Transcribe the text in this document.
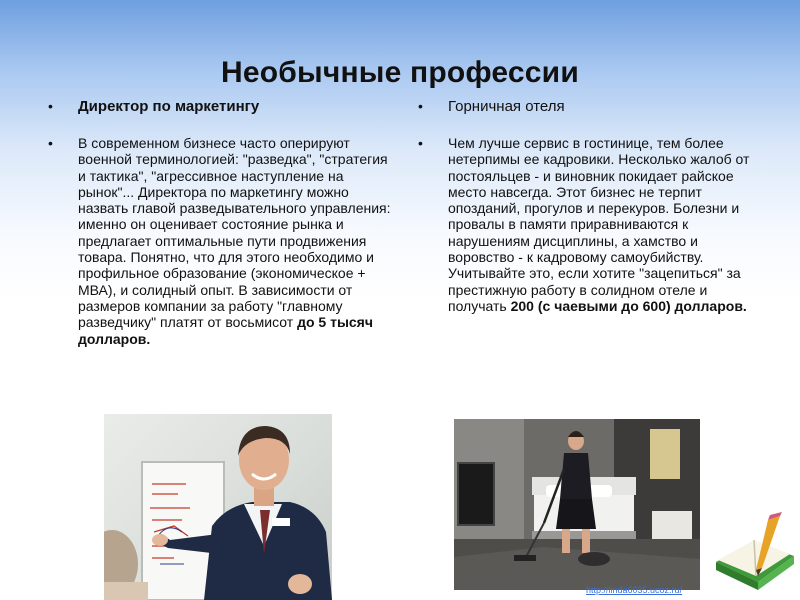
Необычные профессии
• Директор по маркетингу

• В современном бизнесе часто оперируют военной терминологией: "разведка", "стратегия и тактика", "агрессивное наступление на рынок"... Директора по маркетингу можно назвать главой разведывательного управления: именно он оценивает состояние рынка и предлагает оптимальные пути продвижения товара. Понятно, что для этого необходимо и профильное образование (экономическое + МВА), и солидный опыт. В зависимости от размеров компании за работу "главному разведчику" платят от восьмисот до 5 тысяч долларов.

• Горничная отеля

• Чем лучше сервис в гостинице, тем более нетерпимы ее кадровики. Несколько жалоб от постояльцев - и виновник покидает райское место навсегда. Этот бизнес не терпит опозданий, прогулов и перекуров. Болезни и провалы в памяти приравниваются к нарушениям дисциплины, а хамство и воровство - к кадровому самоубийству. Учитывайте это, если хотите "зацепиться" за престижную работу в солидном отеле и получать 200 (с чаевыми до 600) долларов.

http://linda6035.ucoz.ru/
